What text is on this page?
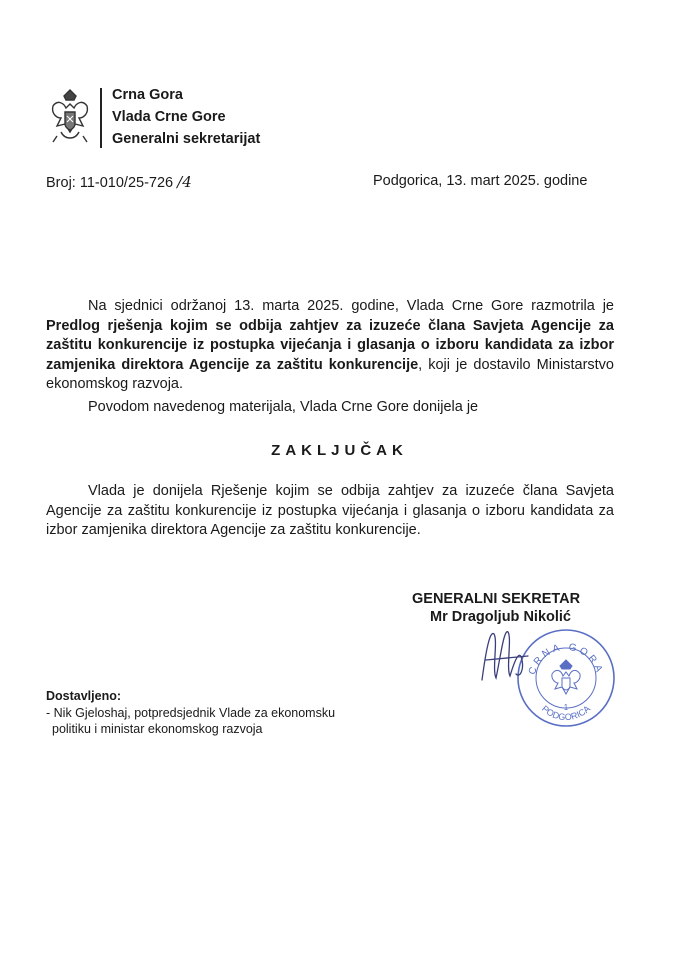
Crna Gora
Vlada Crne Gore
Generalni sekretarijat
Broj: 11-010/25-726 /4	Podgorica, 13. mart 2025. godine
Na sjednici održanoj 13. marta 2025. godine, Vlada Crne Gore razmotrila je Predlog rješenja kojim se odbija zahtjev za izuzeće člana Savjeta Agencije za zaštitu konkurencije iz postupka vijećanja i glasanja o izboru kandidata za izbor zamjenika direktora Agencije za zaštitu konkurencije, koji je dostavilo Ministarstvo ekonomskog razvoja.
Povodom navedenog materijala, Vlada Crne Gore donijela je
ZAKLJUČAK
Vlada je donijela Rješenje kojim se odbija zahtjev za izuzeće člana Savjeta Agencije za zaštitu konkurencije iz postupka vijećanja i glasanja o izboru kandidata za izbor zamjenika direktora Agencije za zaštitu konkurencije.
GENERALNI SEKRETAR
Mr Dragoljub Nikolić
CRNA GORA
PODGORICA
1
Dostavljeno:
- Nik Gjeloshaj, potpredsjednik Vlade za ekonomsku
politiku i ministar ekonomskog razvoja
